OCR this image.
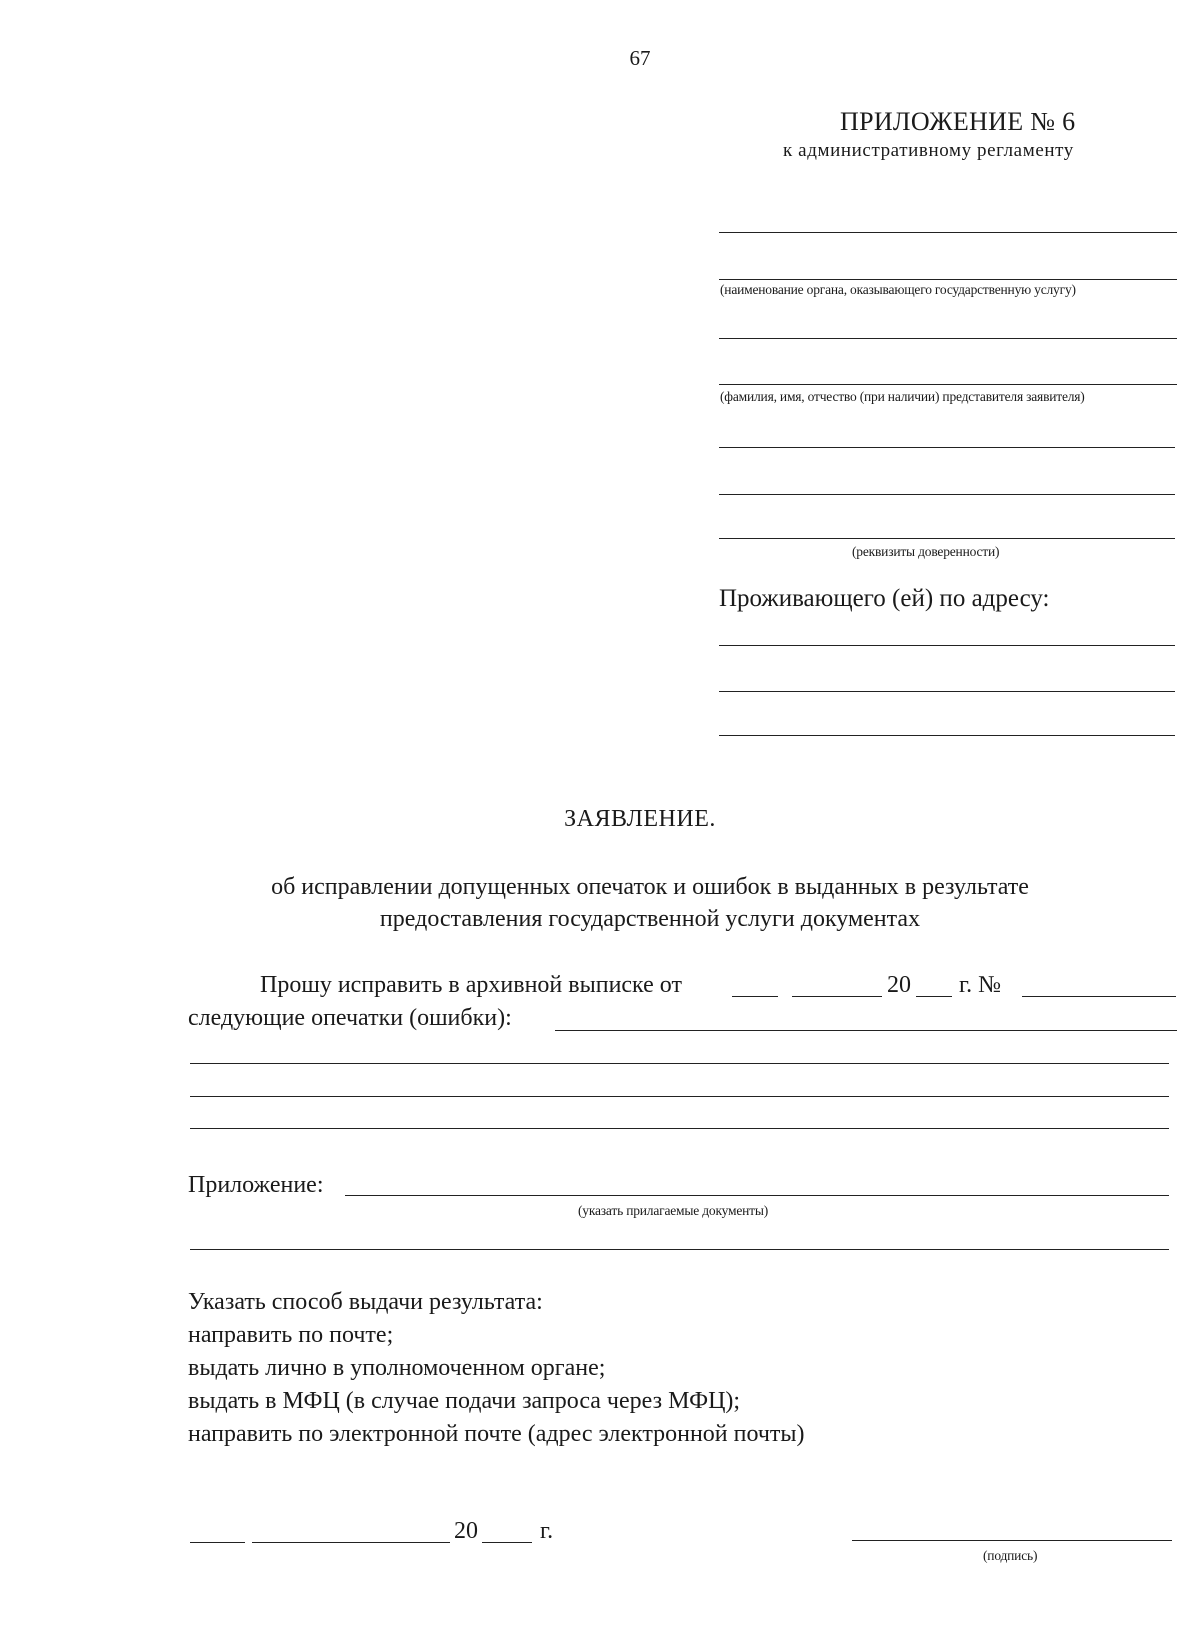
67
ПРИЛОЖЕНИЕ № 6
к административному регламенту
(наименование органа, оказывающего государственную услугу)
(фамилия, имя, отчество (при наличии) представителя заявителя)
(реквизиты доверенности)
Проживающего (ей) по адресу:
ЗАЯВЛЕНИЕ.
об исправлении допущенных опечаток и ошибок в выданных в результате
предоставления государственной услуги документах
Прошу исправить в архивной выписке от	20 г. №
следующие опечатки (ошибки):
Приложение:
(указать прилагаемые документы)
Указать способ выдачи результата:
направить по почте;
выдать лично в уполномоченном органе;
выдать в МФЦ (в случае подачи запроса через МФЦ);
направить по электронной почте (адрес электронной почты)
20	г.
(подпись)
